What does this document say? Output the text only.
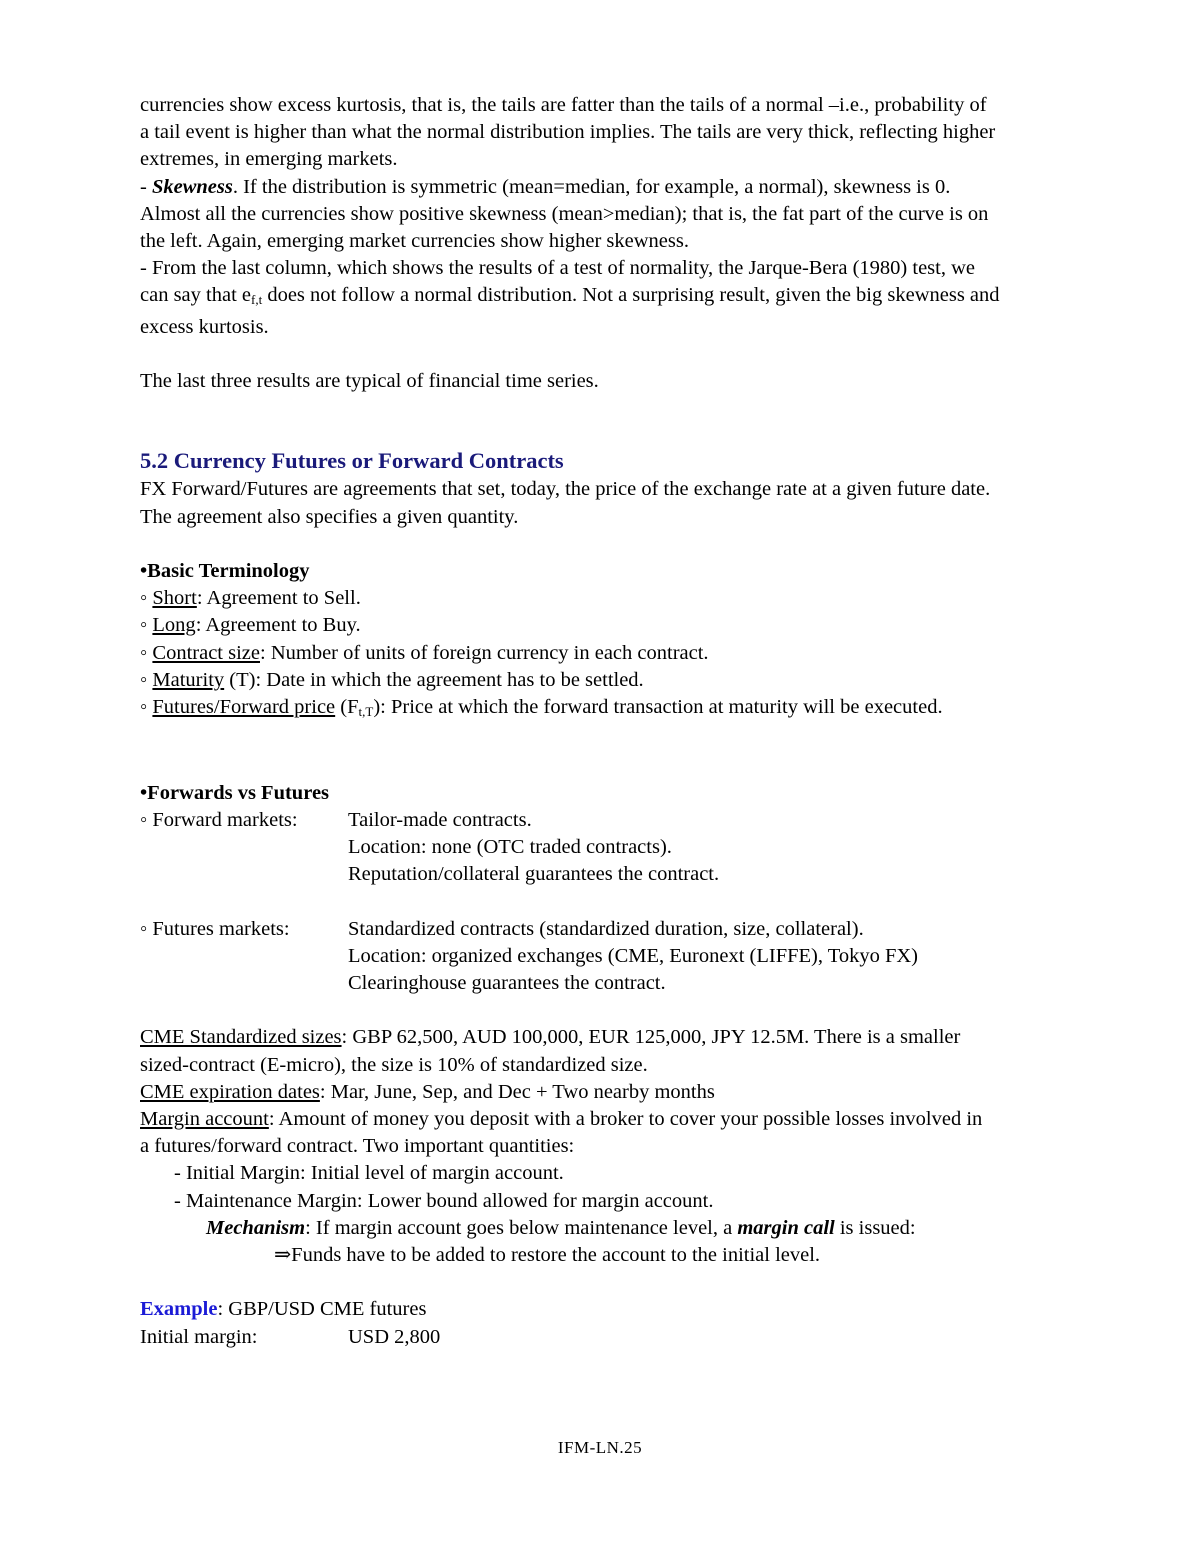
currencies show excess kurtosis, that is, the tails are fatter than the tails of a normal –i.e., probability of
a tail event is higher than what the normal distribution implies. The tails are very thick, reflecting higher
extremes, in emerging markets.
- Skewness. If the distribution is symmetric (mean=median, for example, a normal), skewness is 0.
Almost all the currencies show positive skewness (mean>median); that is, the fat part of the curve is on
the left. Again, emerging market currencies show higher skewness.
- From the last column, which shows the results of a test of normality, the Jarque-Bera (1980) test, we
can say that $e_{f,t}$ does not follow a normal distribution. Not a surprising result, given the big skewness and
excess kurtosis.
The last three results are typical of financial time series.
5.2 Currency Futures or Forward Contracts
FX Forward/Futures are agreements that set, today, the price of the exchange rate at a given future date.
The agreement also specifies a given quantity.
•Basic Terminology
◦ Short: Agreement to Sell.
◦ Long: Agreement to Buy.
◦ Contract size: Number of units of foreign currency in each contract.
◦ Maturity (T): Date in which the agreement has to be settled.
◦ Futures/Forward price $(F_{t,T})$: Price at which the forward transaction at maturity will be executed.
•Forwards vs Futures
◦ Forward markets: Tailor-made contracts.
Location: none (OTC traded contracts).
Reputation/collateral guarantees the contract.
◦ Futures markets:	Standardized contracts (standardized duration, size, collateral).
Location: organized exchanges (CME, Euronext (LIFFE), Tokyo FX)
Clearinghouse guarantees the contract.
CME Standardized sizes: GBP 62,500, AUD 100,000, EUR 125,000, JPY 12.5M. There is a smaller
sized-contract (E-micro), the size is 10% of standardized size.
CME expiration dates: Mar, June, Sep, and Dec + Two nearby months
Margin account: Amount of money you deposit with a broker to cover your possible losses involved in
a futures/forward contract. Two important quantities:
- Initial Margin: Initial level of margin account.
- Maintenance Margin: Lower bound allowed for margin account.
Mechanism: If margin account goes below maintenance level, a margin call is issued:
⇒Funds have to be added to restore the account to the initial level.
Example: GBP/USD CME futures
Initial margin:	USD 2,800
IFM-LN.25
